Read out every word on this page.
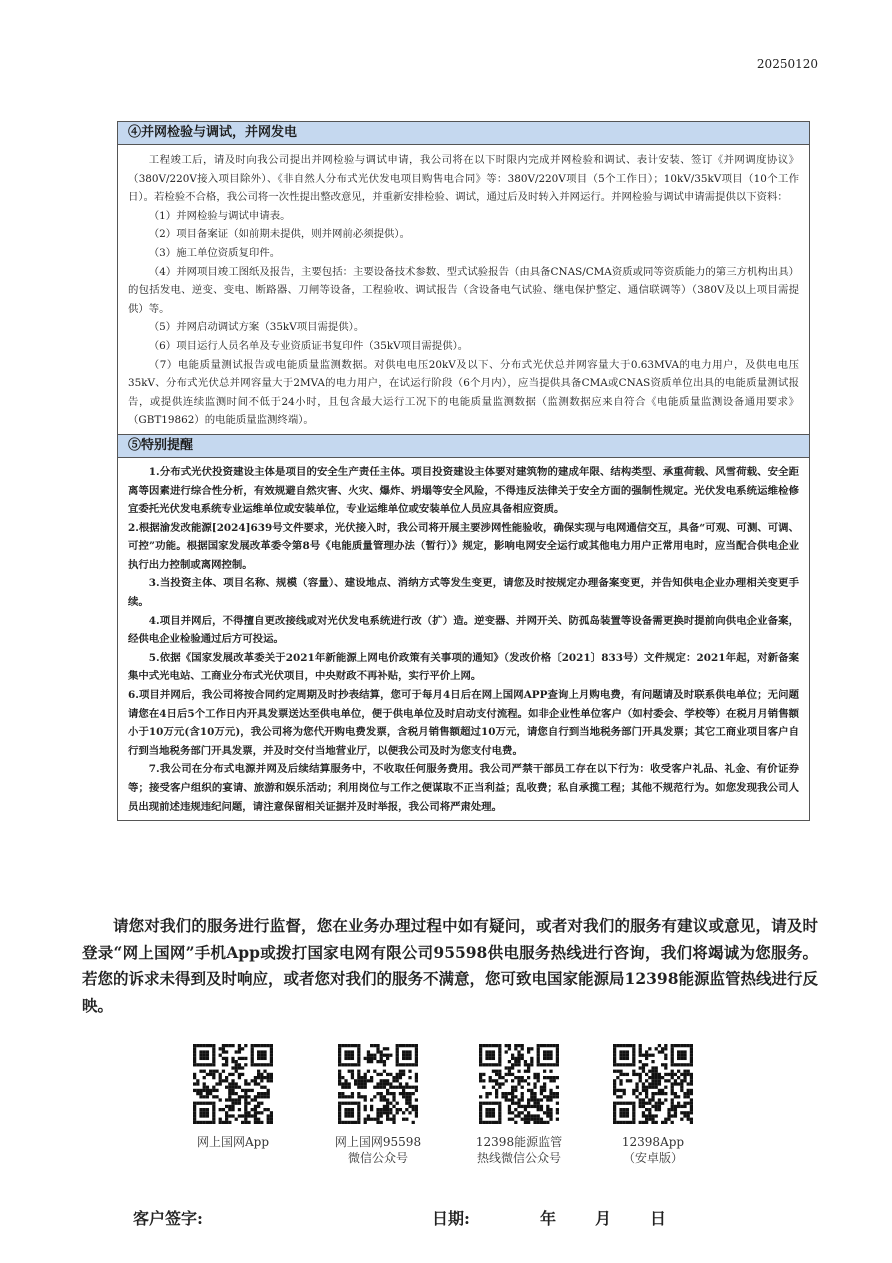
20250120
④并网检验与调试，并网发电

工程竣工后，请及时向我公司提出并网检验与调试申请，我公司将在以下时限内完成并网检验和调试、表计安装、签订《并网调度协议》（380V/220V接入项目除外）、《非自然人分布式光伏发电项目购售电合同》等：380V/220V项目（5个工作日）；10kV/35kV项目（10个工作日）。若检验不合格，我公司将一次性提出整改意见，并重新安排检验、调试，通过后及时转入并网运行。并网检验与调试申请需提供以下资料：

（1）并网检验与调试申请表。

（2）项目备案证（如前期未提供，则并网前必须提供）。

（3）施工单位资质复印件。

（4）并网项目竣工图纸及报告，主要包括：主要设备技术参数、型式试验报告（由具备CNAS/CMA资质或同等资质能力的第三方机构出具）的包括发电、逆变、变电、断路器、刀闸等设备，工程验收、调试报告（含设备电气试验、继电保护整定、通信联调等）（380V及以上项目需提供）等。

（5）并网启动调试方案（35kV项目需提供）。

（6）项目运行人员名单及专业资质证书复印件（35kV项目需提供）。

（7）电能质量测试报告或电能质量监测数据。对供电电压20kV及以下、分布式光伏总并网容量大于0.63MVA的电力用户，及供电电压35kV、分布式光伏总并网容量大于2MVA的电力用户，在试运行阶段（6个月内），应当提供具备CMA或CNAS资质单位出具的电能质量测试报告，或提供连续监测时间不低于24小时，且包含最大运行工况下的电能质量监测数据（监测数据应来自符合《电能质量监测设备通用要求》（GBT19862）的电能质量监测终端）。

⑤特别提醒

1.分布式光伏投资建设主体是项目的安全生产责任主体。项目投资建设主体要对建筑物的建成年限、结构类型、承重荷载、风雪荷载、安全距离等因素进行综合性分析，有效规避自然灾害、火灾、爆炸、坍塌等安全风险，不得违反法律关于安全方面的强制性规定。光伏发电系统运维检修宜委托光伏发电系统专业运维单位或安装单位，专业运维单位或安装单位人员应具备相应资质。

2.根据渝发改能源[2024]639号文件要求，光伏接入时，我公司将开展主要涉网性能验收，确保实现与电网通信交互，具备“可观、可测、可调、可控”功能。根据国家发展改革委令第8号《电能质量管理办法（暂行）》规定，影响电网安全运行或其他电力用户正常用电时，应当配合供电企业执行出力控制或离网控制。

3.当投资主体、项目名称、规模（容量）、建设地点、消纳方式等发生变更，请您及时按规定办理备案变更，并告知供电企业办理相关变更手续。

4.项目并网后，不得擅自更改接线或对光伏发电系统进行改（扩）造。逆变器、并网开关、防孤岛装置等设备需更换时提前向供电企业备案，经供电企业检验通过后方可投运。

5.依据《国家发展改革委关于2021年新能源上网电价政策有关事项的通知》（发改价格〔2021〕833号）文件规定：2021年起，对新备案集中式光电站、工商业分布式光伏项目，中央财政不再补贴，实行平价上网。

6.项目并网后，我公司将按合同约定周期及时抄表结算，您可于每月4日后在网上国网APP查询上月购电费，有问题请及时联系供电单位；无问题请您在4日后5个工作日内开具发票送达至供电单位，便于供电单位及时启动支付流程。如非企业性单位客户（如村委会、学校等）在税月月销售额小于10万元(含10万元)，我公司将为您代开购电费发票，含税月销售额超过10万元，请您自行到当地税务部门开具发票；其它工商业项目客户自行到当地税务部门开具发票，并及时交付当地营业厅，以便我公司及时为您支付电费。

7.我公司在分布式电源并网及后续结算服务中，不收取任何服务费用。我公司严禁干部员工存在以下行为：收受客户礼品、礼金、有价证券等；接受客户组织的宴请、旅游和娱乐活动；利用岗位与工作之便谋取不正当利益；乱收费；私自承揽工程；其他不规范行为。如您发现我公司人员出现前述违规违纪问题，请注意保留相关证据并及时举报，我公司将严肃处理。

请您对我们的服务进行监督，您在业务办理过程中如有疑问，或者对我们的服务有建议或意见，请及时登录“网上国网”手机App或拨打国家电网有限公司95598供电服务热线进行咨询，我们将竭诚为您服务。若您的诉求未得到及时响应，或者您对我们的服务不满意，您可致电国家能源局12398能源监管热线进行反映。
网上国网App	网上国网95598
微信公众号
12398能源监管
热线微信公众号
12398App
（安卓版）
客户签字:	日期:	年 月 日
